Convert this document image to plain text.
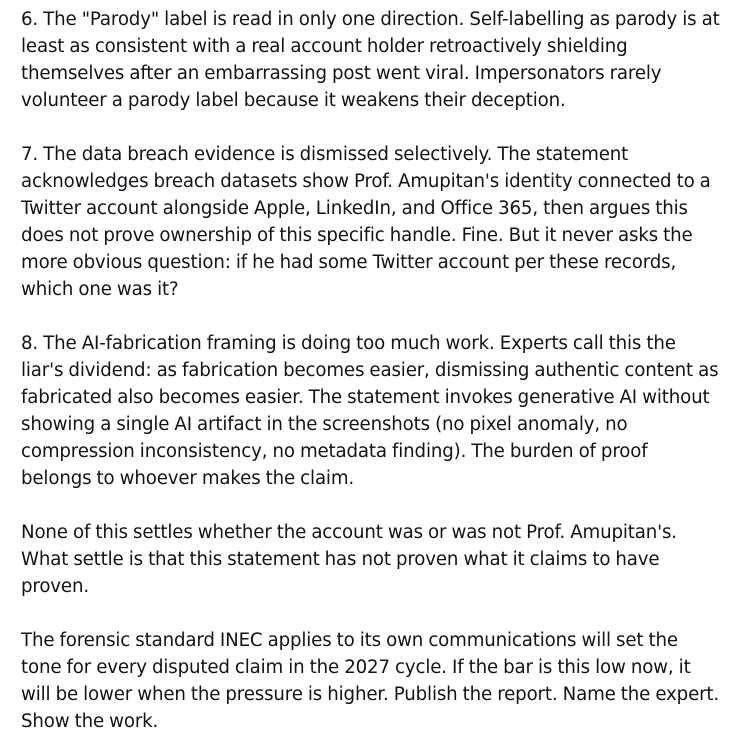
6. The "Parody" label is read in only one direction. Self-labelling as parody is at least as consistent with a real account holder retroactively shielding themselves after an embarrassing post went viral. Impersonators rarely volunteer a parody label because it weakens their deception.

7. The data breach evidence is dismissed selectively. The statement acknowledges breach datasets show Prof. Amupitan's identity connected to a Twitter account alongside Apple, LinkedIn, and Office 365, then argues this does not prove ownership of this specific handle. Fine. But it never asks the more obvious question: if he had some Twitter account per these records, which one was it?

8. The AI-fabrication framing is doing too much work. Experts call this the liar's dividend: as fabrication becomes easier, dismissing authentic content as fabricated also becomes easier. The statement invokes generative AI without showing a single AI artifact in the screenshots (no pixel anomaly, no compression inconsistency, no metadata finding). The burden of proof belongs to whoever makes the claim.

None of this settles whether the account was or was not Prof. Amupitan's. What settle is that this statement has not proven what it claims to have proven.

The forensic standard INEC applies to its own communications will set the tone for every disputed claim in the 2027 cycle. If the bar is this low now, it will be lower when the pressure is higher. Publish the report. Name the expert. Show the work.
